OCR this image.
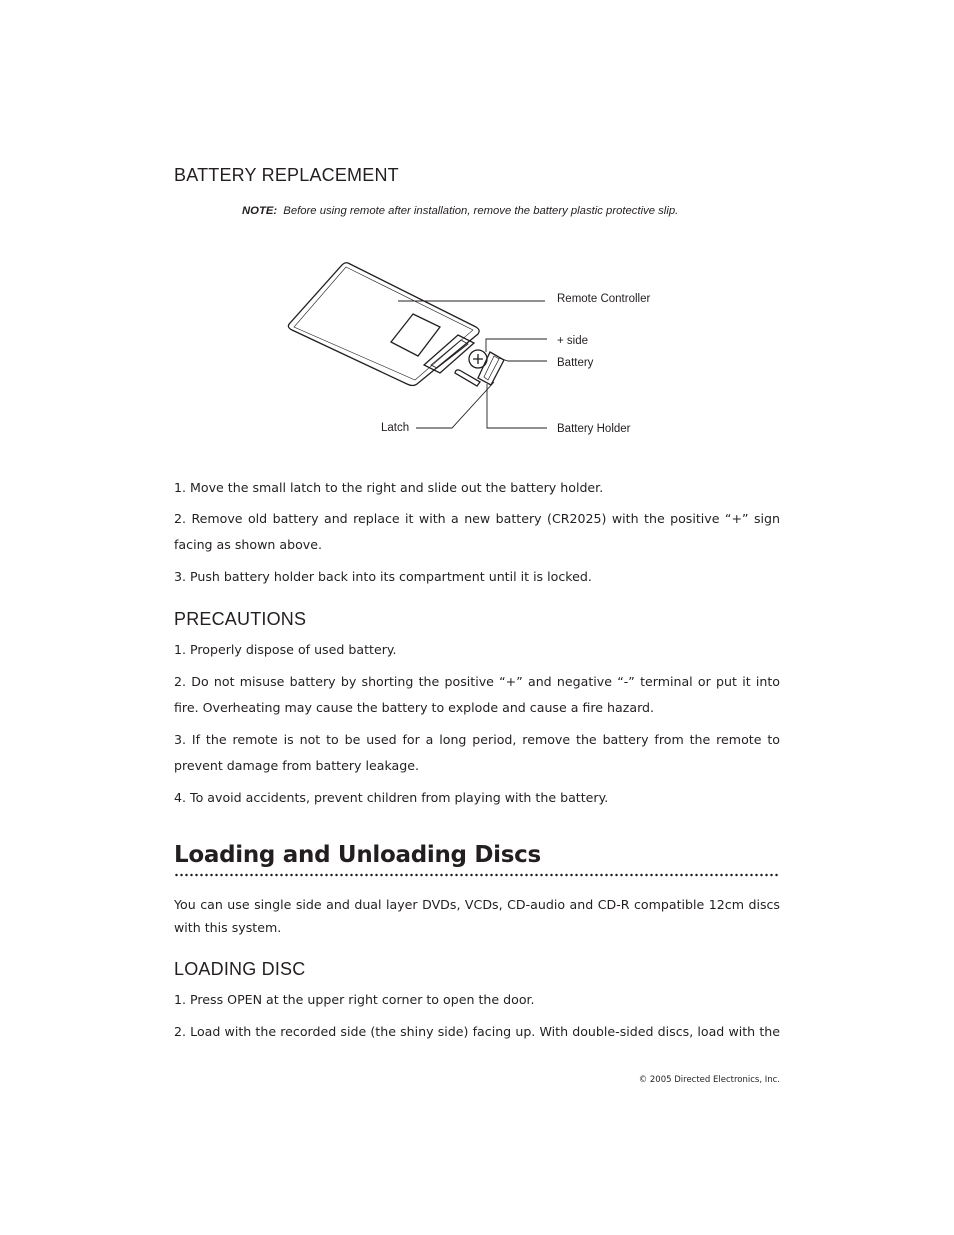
BATTERY REPLACEMENT
NOTE: Before using remote after installation, remove the battery plastic protective slip.

1. Move the small latch to the right and slide out the battery holder.

2. Remove old battery and replace it with a new battery (CR2025) with the positive “+” sign facing as shown above.

3. Push battery holder back into its compartment until it is locked.

PRECAUTIONS

1. Properly dispose of used battery.

2. Do not misuse battery by shorting the positive “+” and negative “-” terminal or put it into fire. Overheating may cause the battery to explode and cause a fire hazard.

3. If the remote is not to be used for a long period, remove the battery from the remote to prevent damage from battery leakage.

4. To avoid accidents, prevent children from playing with the battery.

Loading and Unloading Discs

You can use single side and dual layer DVDs, VCDs, CD-audio and CD-R compatible 12cm discs with this system.

LOADING DISC

1. Press OPEN at the upper right corner to open the door.

2. Load with the recorded side (the shiny side) facing up. With double-sided discs, load with the

© 2005 Directed Electronics, Inc.
Remote Controller
+ side
Battery
Latch	Battery Holder
